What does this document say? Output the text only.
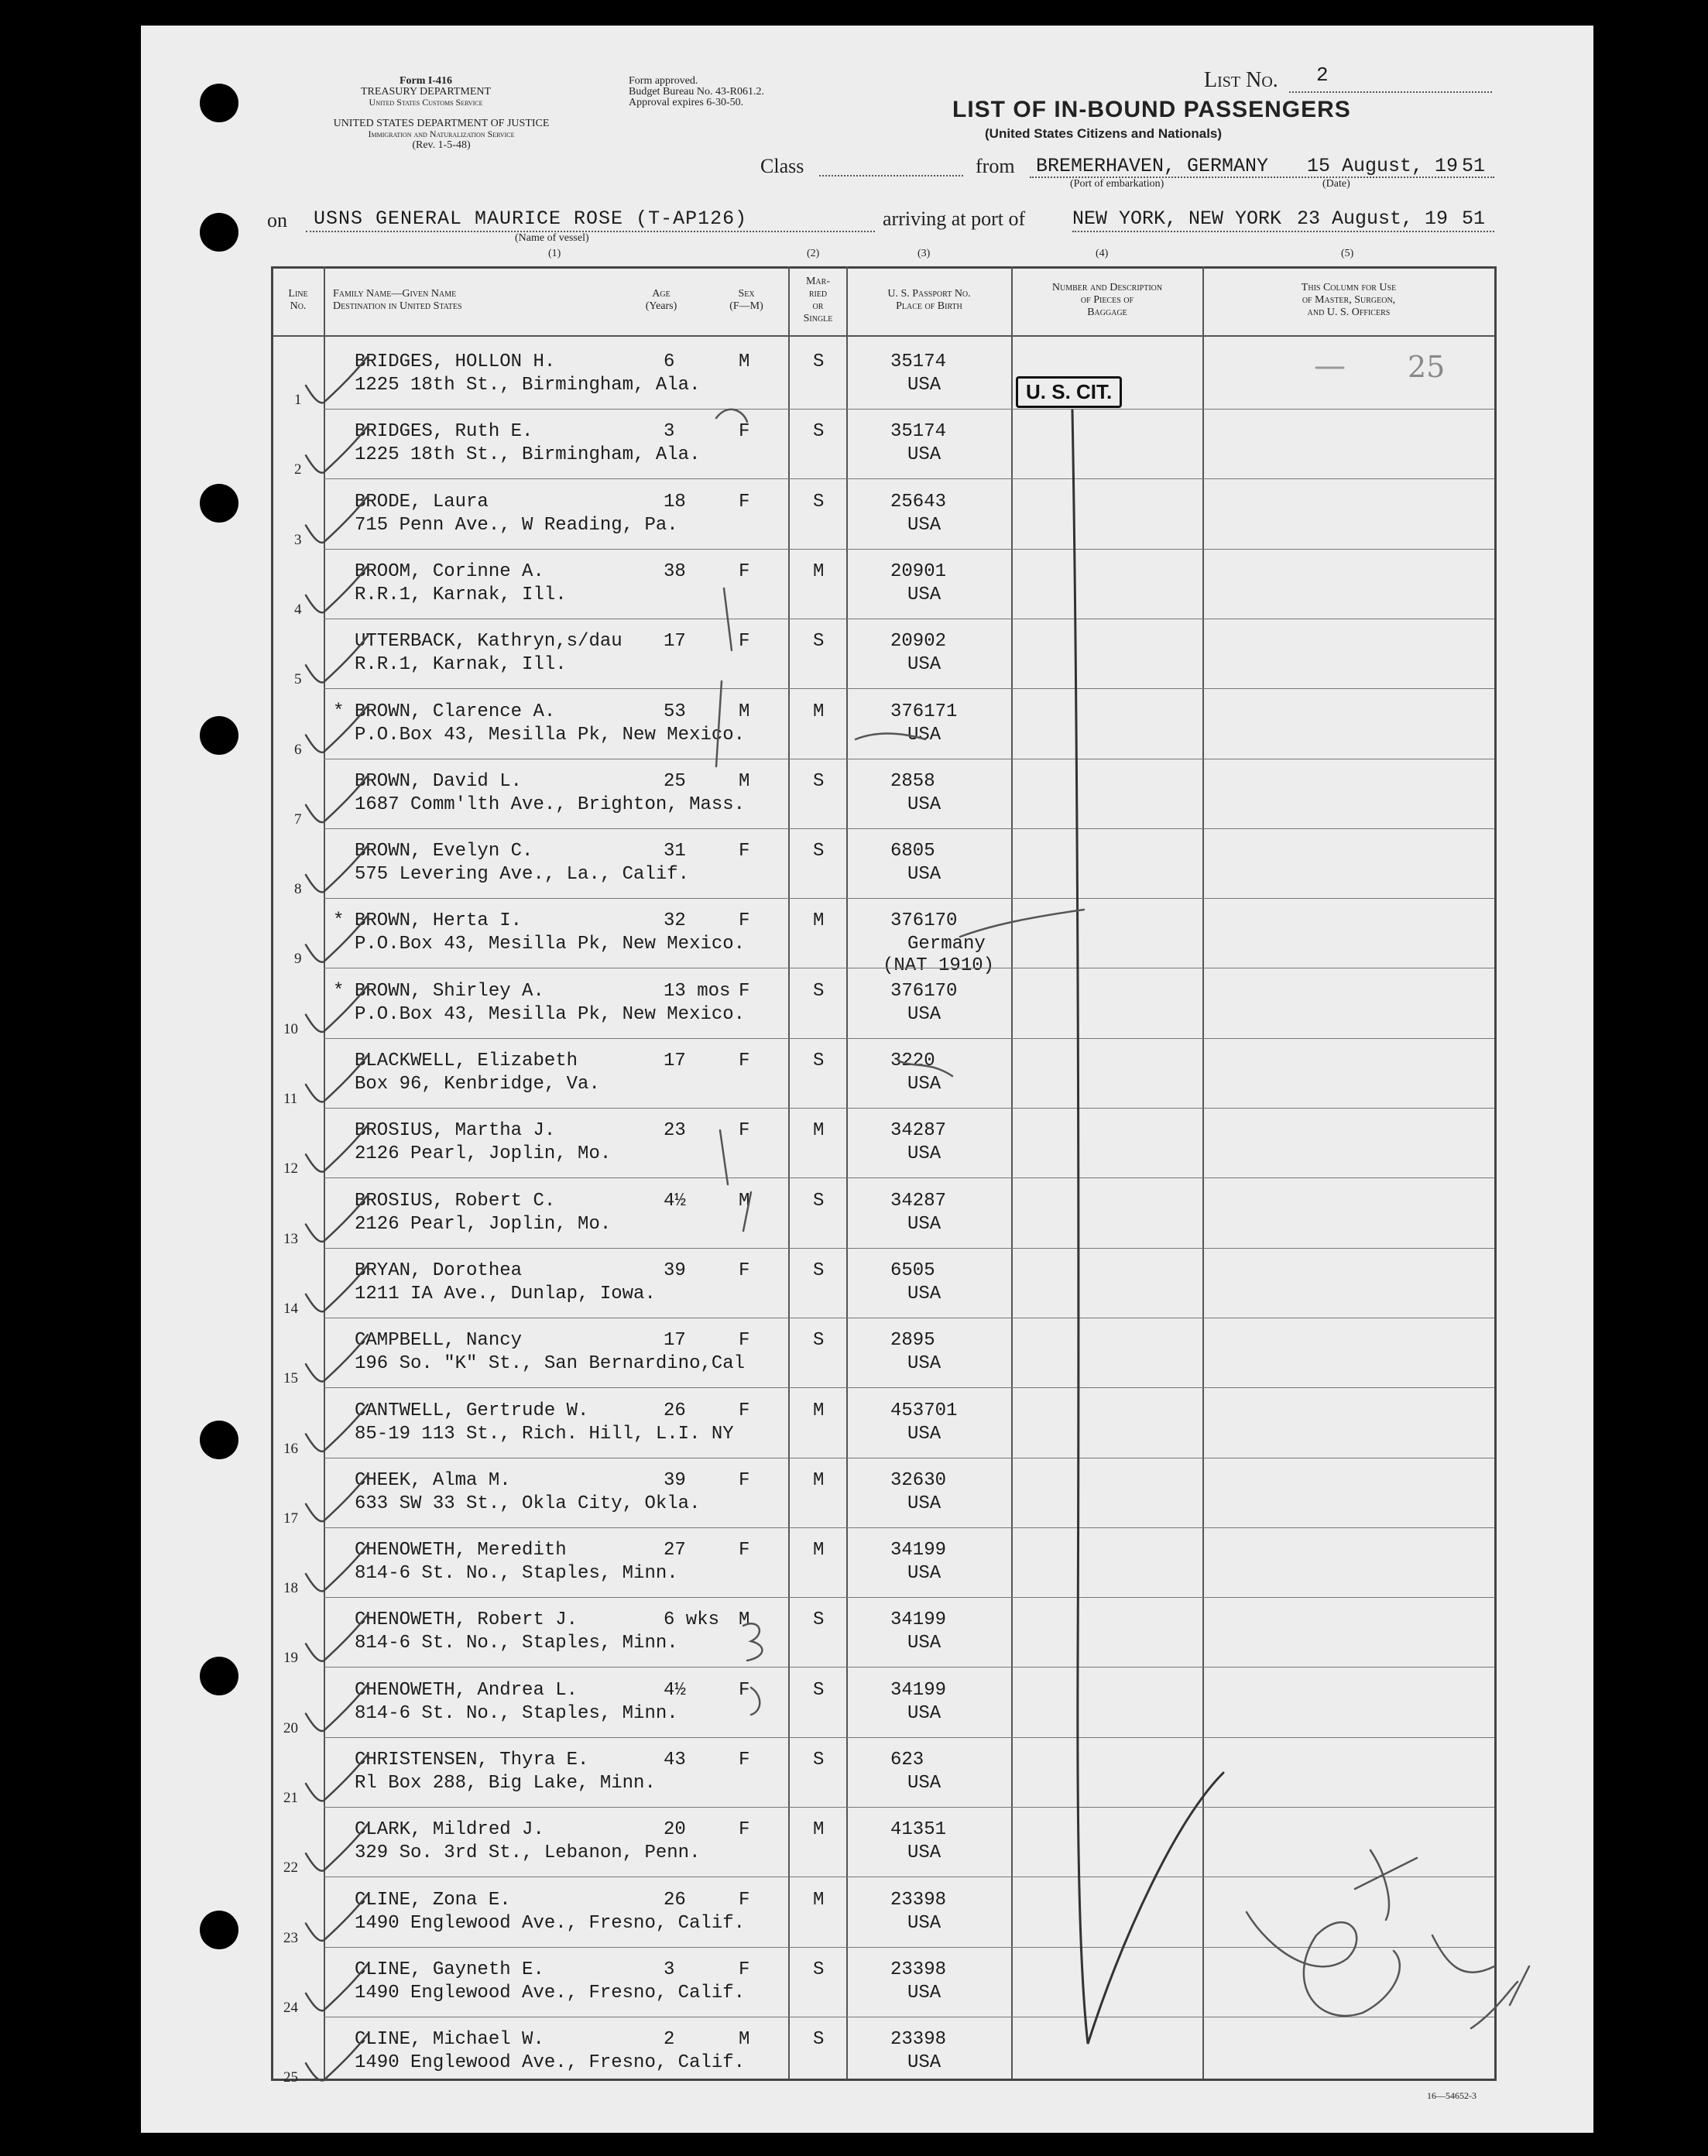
Form I-416
TREASURY DEPARTMENT
United States Customs Service
UNITED STATES DEPARTMENT OF JUSTICE
Immigration and Naturalization Service
(Rev. 1-5-48)
Form approved.
Budget Bureau No. 43-R061.2.
Approval expires 6-30-50.
List No. 2
LIST OF IN-BOUND PASSENGERS
(United States Citizens and Nationals)
Class	from BREMERHAVEN, GERMANY 15 August, 19 51
(Port of embarkation)	(Date)
on USNS GENERAL MAURICE ROSE (T-AP126)
(Name of vessel)
arriving at port of NEW YORK, NEW YORK 23 August, 19 51
(1)	(2)	(3)	(4)	(5)
Line
No.
Family Name—Given Name
Destination in United States
Age
(Years)
Sex
(F—M)
Mar-
ried
or
Single
U. S. Passport No.
Place of Birth
Number and Description
of Pieces of
Baggage
This Column for Use
of Master, Surgeon,
and U. S. Officers
BRIDGES, HOLLON H.
1225 18th St., Birmingham, Ala.
6	M	S	35174
USA
1
BRIDGES, Ruth E.
1225 18th St., Birmingham, Ala.
3	F	S	35174
USA
2
BRODE, Laura
715 Penn Ave., W Reading, Pa.
18	F	S	25643
USA
3
BROOM, Corinne A.
R.R.1, Karnak, Ill.
38	F	M	20901
USA
4
UTTERBACK, Kathryn,s/dau
R.R.1, Karnak, Ill.
17	F	S	20902
USA
5
* BROWN, Clarence A.
P.O.Box 43, Mesilla Pk, New Mexico.
53	M	M	376171
USA
6
BROWN, David L.
1687 Comm'lth Ave., Brighton, Mass.
25	M	S	2858
USA
7
BROWN, Evelyn C.
575 Levering Ave., La., Calif.
31	F	S	6805
USA
8
* BROWN, Herta I.
P.O.Box 43, Mesilla Pk, New Mexico.
32	F	M	376170
Germany
(NAT 1910)
9
* BROWN, Shirley A.
P.O.Box 43, Mesilla Pk, New Mexico.
13 mos F	S	376170
USA
10
BLACKWELL, Elizabeth
Box 96, Kenbridge, Va.
17	F	S	3220
USA
11
BROSIUS, Martha J.
2126 Pearl, Joplin, Mo.
23	F	M	34287
USA
12
BROSIUS, Robert C.
2126 Pearl, Joplin, Mo.
4½	M	S	34287
USA
13
BRYAN, Dorothea
1211 IA Ave., Dunlap, Iowa.
39	F	S	6505
USA
14
CAMPBELL, Nancy
196 So. "K" St., San Bernardino,Cal
17	F	S	2895
USA
15
CANTWELL, Gertrude W.
85-19 113 St., Rich. Hill, L.I. NY
26	F	M	453701
USA
16
CHEEK, Alma M.
633 SW 33 St., Okla City, Okla.
39	F	M	32630
USA
17
CHENOWETH, Meredith
814-6 St. No., Staples, Minn.
27	F	M	34199
USA
18
CHENOWETH, Robert J.
814-6 St. No., Staples, Minn.
6 wks M	S	34199
USA
19
CHENOWETH, Andrea L.
814-6 St. No., Staples, Minn.
4½	F	S	34199
USA
20
CHRISTENSEN, Thyra E.
Rl Box 288, Big Lake, Minn.
43	F	S	623
USA
21
CLARK, Mildred J.
329 So. 3rd St., Lebanon, Penn.
20	F	M	41351
USA
22
CLINE, Zona E.
1490 Englewood Ave., Fresno, Calif.
26	F	M	23398
USA
23
CLINE, Gayneth E.
1490 Englewood Ave., Fresno, Calif.
3	F	S	23398
USA
24
CLINE, Michael W.
1490 Englewood Ave., Fresno, Calif.
2	M	S	23398
USA
25
U. S. CIT.
25
16—54652-3
